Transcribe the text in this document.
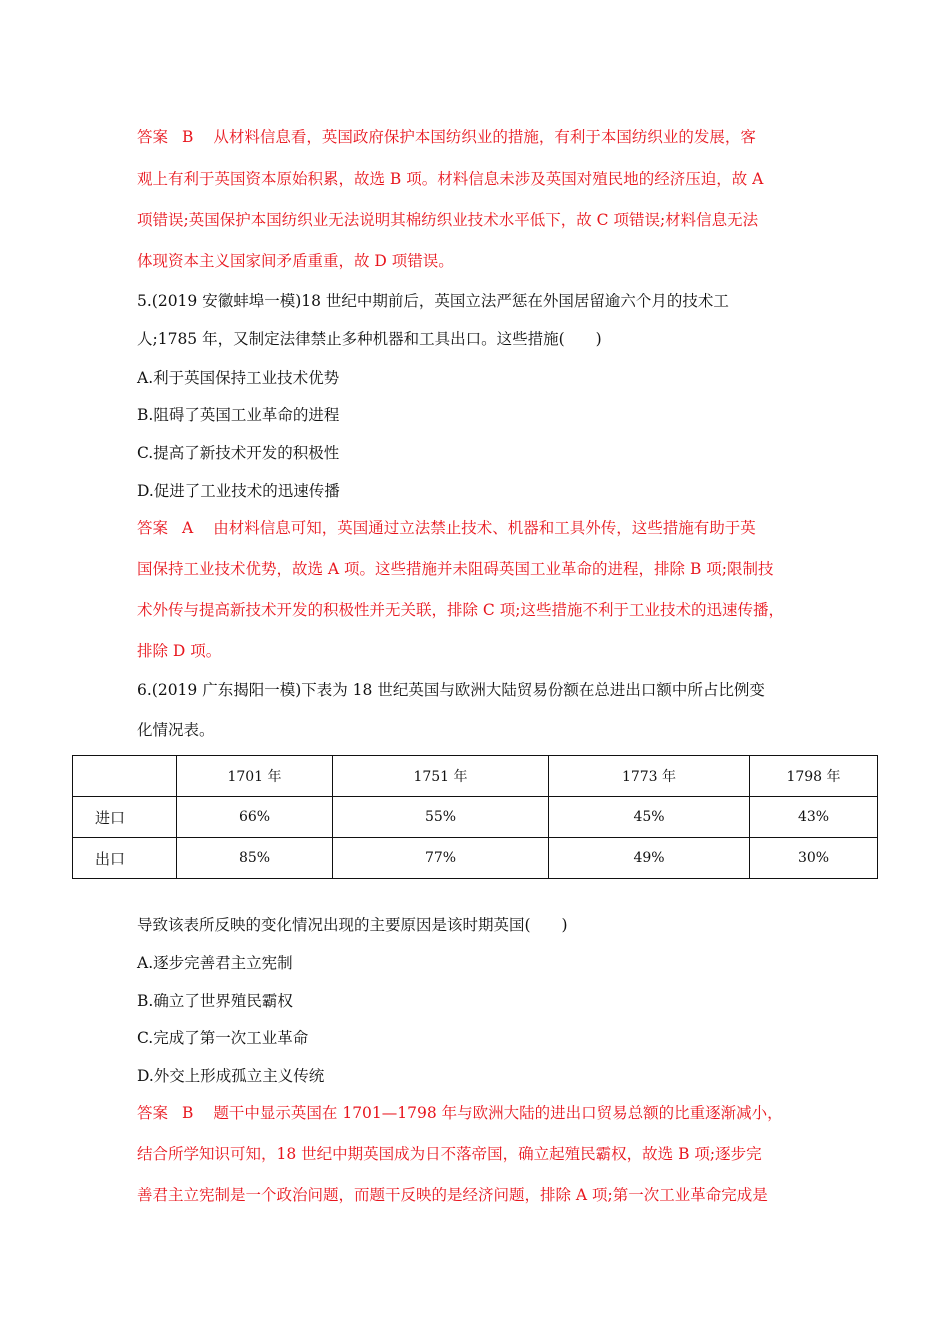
答案 B 从材料信息看，英国政府保护本国纺织业的措施，有利于本国纺织业的发展，客
观上有利于英国资本原始积累，故选 B 项。材料信息未涉及英国对殖民地的经济压迫，故 A
项错误;英国保护本国纺织业无法说明其棉纺织业技术水平低下，故 C 项错误;材料信息无法
体现资本主义国家间矛盾重重，故 D 项错误。
5.(2019 安徽蚌埠一模)18 世纪中期前后，英国立法严惩在外国居留逾六个月的技术工
人;1785 年，又制定法律禁止多种机器和工具出口。这些措施(　　)
A.利于英国保持工业技术优势
B.阻碍了英国工业革命的进程
C.提高了新技术开发的积极性
D.促进了工业技术的迅速传播
答案 A 由材料信息可知，英国通过立法禁止技术、机器和工具外传，这些措施有助于英
国保持工业技术优势，故选 A 项。这些措施并未阻碍英国工业革命的进程，排除 B 项;限制技
术外传与提高新技术开发的积极性并无关联，排除 C 项;这些措施不利于工业技术的迅速传播，
排除 D 项。
6.(2019 广东揭阳一模)下表为 18 世纪英国与欧洲大陆贸易份额在总进出口额中所占比例变
化情况表。
	1701 年	1751 年	1773 年	1798 年
进口	66%	55%	45%	43%
出口	85%	77%	49%	30%
导致该表所反映的变化情况出现的主要原因是该时期英国(　　)
A.逐步完善君主立宪制
B.确立了世界殖民霸权
C.完成了第一次工业革命
D.外交上形成孤立主义传统
答案 B 题干中显示英国在 1701—1798 年与欧洲大陆的进出口贸易总额的比重逐渐减小，
结合所学知识可知，18 世纪中期英国成为日不落帝国，确立起殖民霸权，故选 B 项;逐步完
善君主立宪制是一个政治问题，而题干反映的是经济问题，排除 A 项;第一次工业革命完成是
